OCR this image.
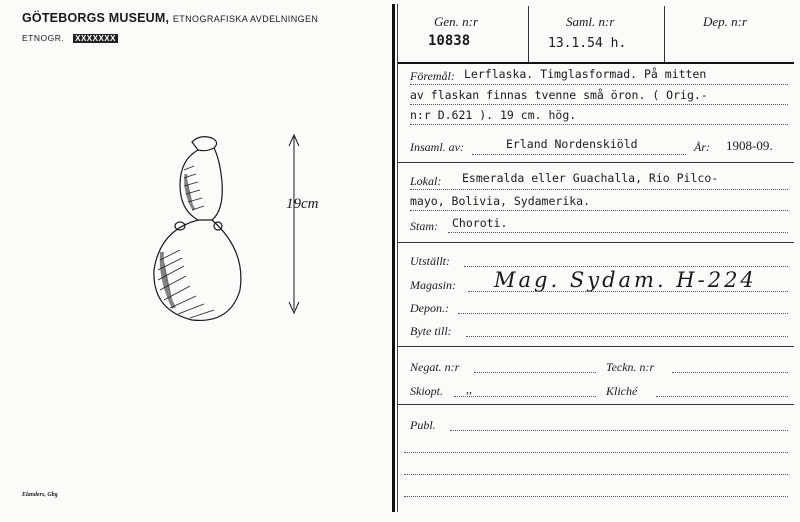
GÖTEBORGS MUSEUM, ETNOGRAFISKA AVDELNINGEN
ETNOGR. XXXXXXX
19cm
Elanders, Gbg
Gen. n:r
10838
Saml. n:r
13.1.54 h.
Dep. n:r
Föremål: Lerflaska. Timglasformad. På mitten
av flaskan finnas tvenne små öron. ( Orig.-
n:r D.621 ). 19 cm. hög.
Insaml. av:	Erland Nordenskiöld	År: 1908-09.
Lokal: Esmeralda eller Guachalla, Rio Pilco-
mayo, Bolivia, Sydamerika.
Stam: Choroti.
Utställt:
Magasin: Mag. Sydam. H-224
Depon.:
Byte till:
Negat. n:r	Teckn. n:r
Skiopt. ,,	Kliché
Publ.
